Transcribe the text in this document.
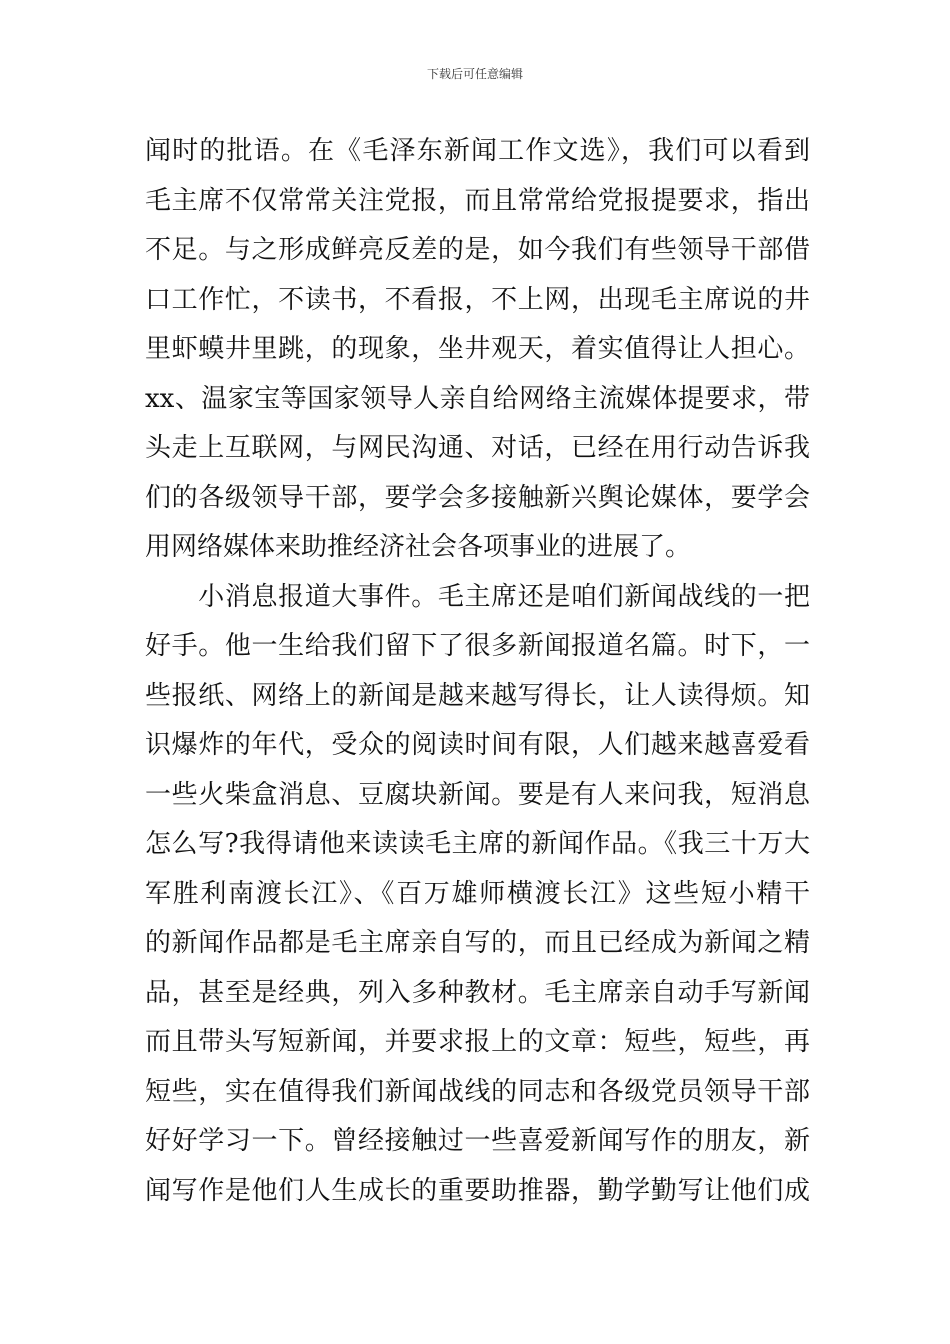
下载后可任意编辑
闻时的批语。在《毛泽东新闻工作文选》，我们可以看到
毛主席不仅常常关注党报，而且常常给党报提要求，指出
不足。与之形成鲜亮反差的是，如今我们有些领导干部借
口工作忙，不读书，不看报，不上网，出现毛主席说的井
里虾蟆井里跳，的现象，坐井观天，着实值得让人担心。
xx、温家宝等国家领导人亲自给网络主流媒体提要求，带
头走上互联网，与网民沟通、对话，已经在用行动告诉我
们的各级领导干部，要学会多接触新兴舆论媒体，要学会
用网络媒体来助推经济社会各项事业的进展了。
　　小消息报道大事件。毛主席还是咱们新闻战线的一把
好手。他一生给我们留下了很多新闻报道名篇。时下，一
些报纸、网络上的新闻是越来越写得长，让人读得烦。知
识爆炸的年代，受众的阅读时间有限，人们越来越喜爱看
一些火柴盒消息、豆腐块新闻。要是有人来问我，短消息
怎么写?我得请他来读读毛主席的新闻作品。《我三十万大
军胜利南渡长江》、《百万雄师横渡长江》这些短小精干
的新闻作品都是毛主席亲自写的，而且已经成为新闻之精
品，甚至是经典，列入多种教材。毛主席亲自动手写新闻
而且带头写短新闻，并要求报上的文章：短些，短些，再
短些，实在值得我们新闻战线的同志和各级党员领导干部
好好学习一下。曾经接触过一些喜爱新闻写作的朋友，新
闻写作是他们人生成长的重要助推器，勤学勤写让他们成
